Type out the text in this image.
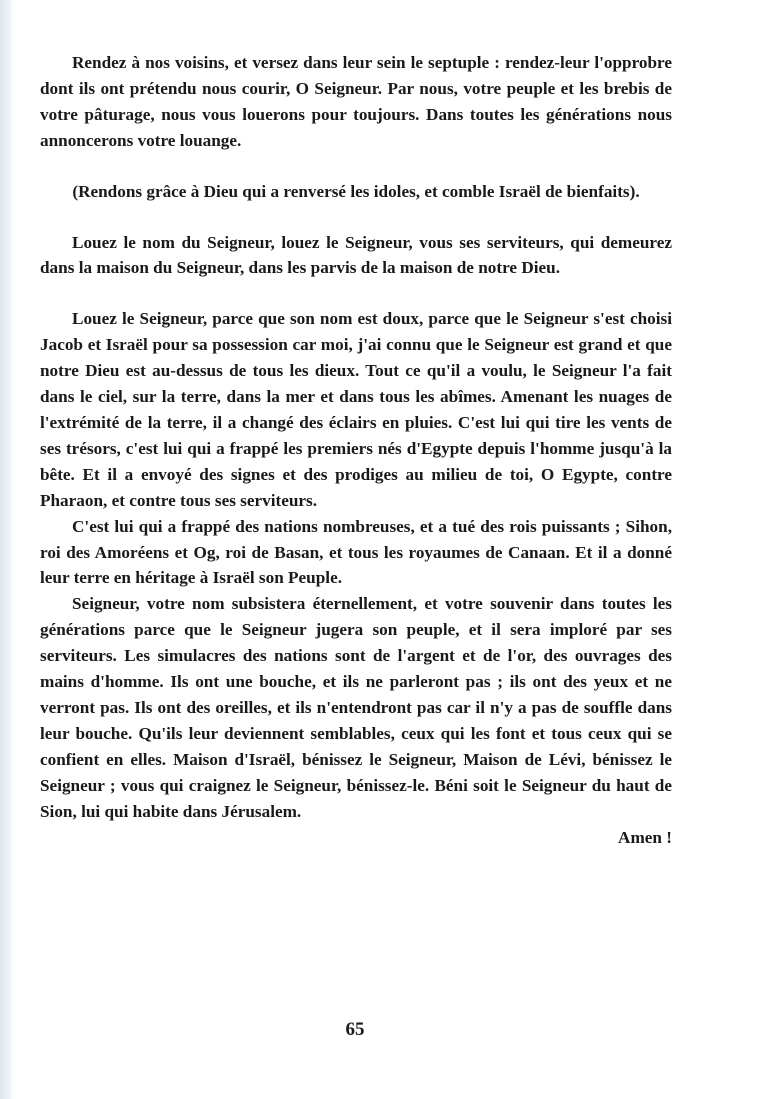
Rendez à nos voisins, et versez dans leur sein le septuple : rendez-leur l'opprobre dont ils ont prétendu nous courir, O Seigneur. Par nous, votre peuple et les brebis de votre pâturage, nous vous louerons pour toujours. Dans toutes les générations nous annoncerons votre louange.

(Rendons grâce à Dieu qui a renversé les idoles, et comble Israël de bienfaits).

Louez le nom du Seigneur, louez le Seigneur, vous ses serviteurs, qui demeurez dans la maison du Seigneur, dans les parvis de la maison de notre Dieu.

Louez le Seigneur, parce que son nom est doux, parce que le Seigneur s'est choisi Jacob et Israël pour sa possession car moi, j'ai connu que le Seigneur est grand et que notre Dieu est au-dessus de tous les dieux. Tout ce qu'il a voulu, le Seigneur l'a fait dans le ciel, sur la terre, dans la mer et dans tous les abîmes. Amenant les nuages de l'extrémité de la terre, il a changé des éclairs en pluies. C'est lui qui tire les vents de ses trésors, c'est lui qui a frappé les premiers nés d'Egypte depuis l'homme jusqu'à la bête. Et il a envoyé des signes et des prodiges au milieu de toi, O Egypte, contre Pharaon, et contre tous ses serviteurs.

C'est lui qui a frappé des nations nombreuses, et a tué des rois puissants ; Sihon, roi des Amoréens et Og, roi de Basan, et tous les royaumes de Canaan. Et il a donné leur terre en héritage à Israël son Peuple.

Seigneur, votre nom subsistera éternellement, et votre souvenir dans toutes les générations parce que le Seigneur jugera son peuple, et il sera imploré par ses serviteurs. Les simulacres des nations sont de l'argent et de l'or, des ouvrages des mains d'homme. Ils ont une bouche, et ils ne parleront pas ; ils ont des yeux et ne verront pas. Ils ont des oreilles, et ils n'entendront pas car il n'y a pas de souffle dans leur bouche. Qu'ils leur deviennent semblables, ceux qui les font et tous ceux qui se confient en elles. Maison d'Israël, bénissez le Seigneur, Maison de Lévi, bénissez le Seigneur ; vous qui craignez le Seigneur, bénissez-le. Béni soit le Seigneur du haut de Sion, lui qui habite dans Jérusalem.

Amen !

65
